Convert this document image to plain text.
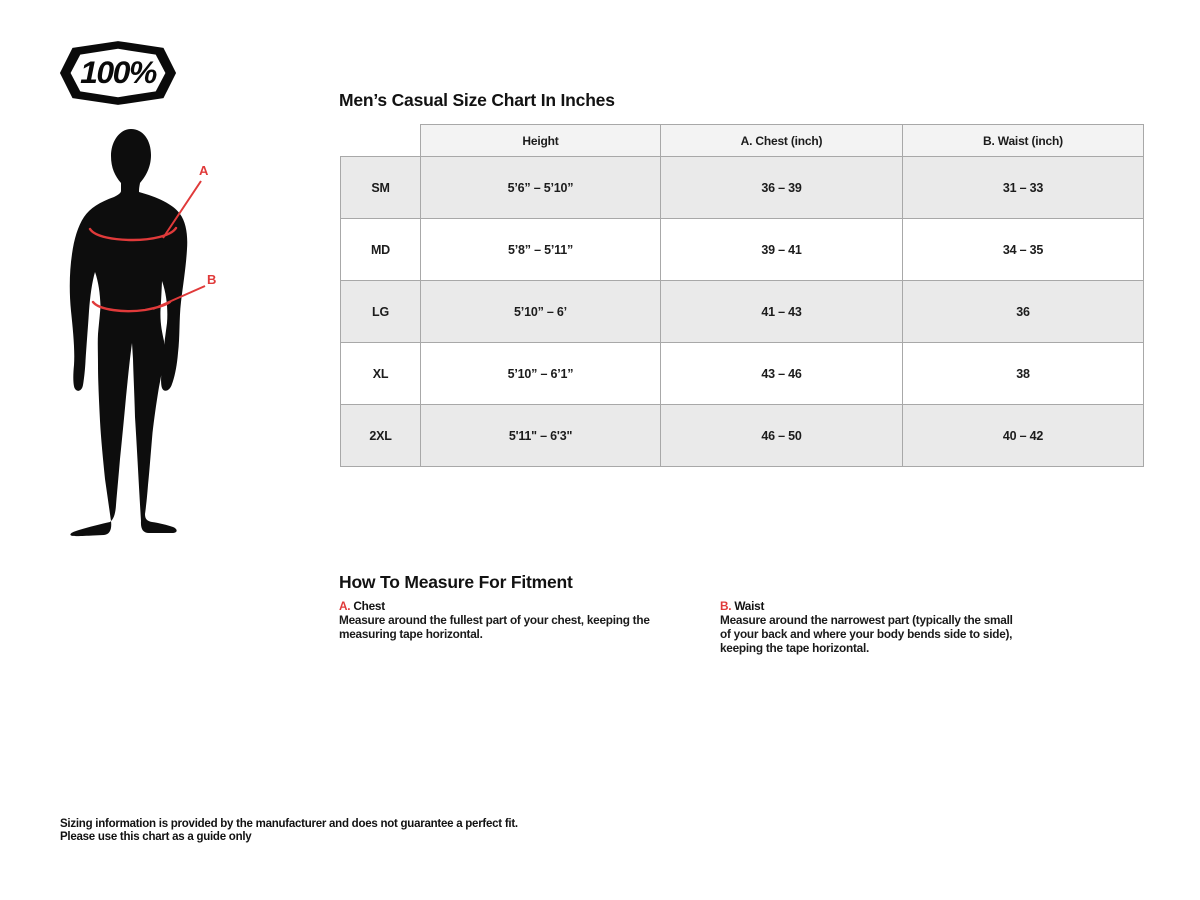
100%
A
B
Men’s Casual Size Chart In Inches
	Height	A. Chest (inch)	B. Waist (inch)
SM	5’6” – 5’10”	36 – 39	31 – 33
MD	5’8” – 5’11”	39 – 41	34 – 35
LG	5’10” – 6’	41 – 43	36
XL	5’10” – 6’1”	43 – 46	38
2XL	5'11" – 6'3"	46 – 50	40 – 42
How To Measure For Fitment
A. Chest
Measure around the fullest part of your chest, keeping the measuring tape horizontal.
B. Waist
Measure around the narrowest part (typically the small of your back and where your body bends side to side), keeping the tape horizontal.
Sizing information is provided by the manufacturer and does not guarantee a perfect fit.
Please use this chart as a guide only
